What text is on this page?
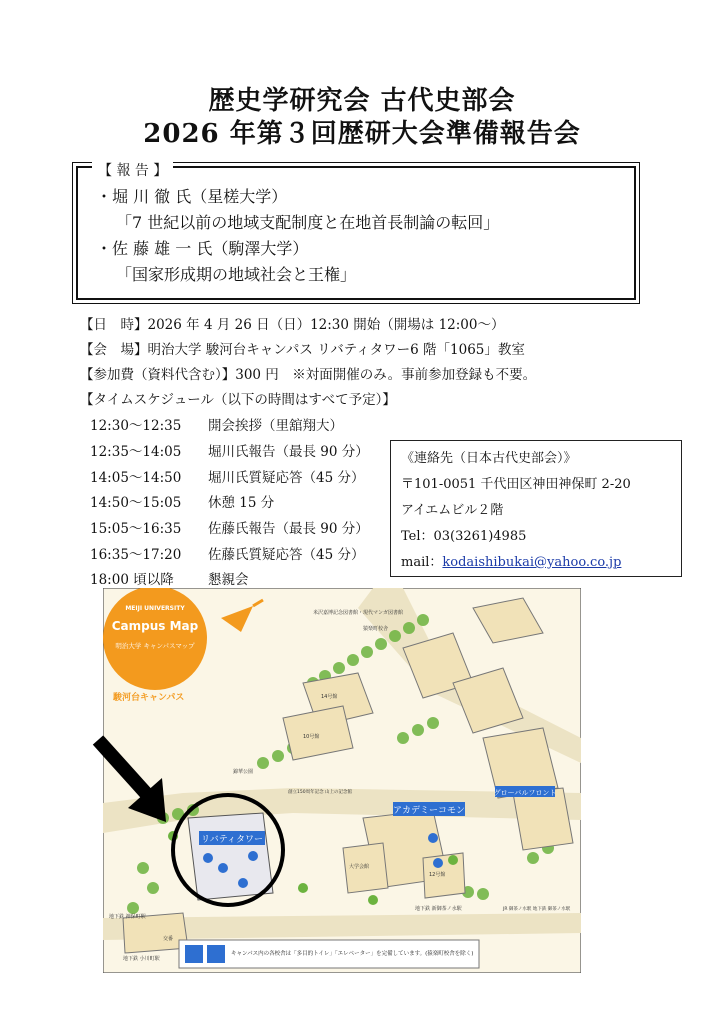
歴史学研究会 古代史部会
2026 年第３回歴研大会準備報告会
【 報 告 】
・堀 川 徹 氏（星槎大学）
「7 世紀以前の地域支配制度と在地首長制論の転回」
・佐 藤 雄 一 氏（駒澤大学）
「国家形成期の地域社会と王権」
【日　時】2026 年 4 月 26 日（日）12:30 開始（開場は 12:00～）
【会　場】明治大学 駿河台キャンパス リバティタワー6 階「1065」教室
【参加費（資料代含む）】300 円　※対面開催のみ。事前参加登録も不要。
【タイムスケジュール（以下の時間はすべて予定）】
12:30～12:35 開会挨拶（里舘翔大）
12:35～14:05 堀川氏報告（最長 90 分）
14:05～14:50 堀川氏質疑応答（45 分）
14:50～15:05 休憩 15 分
15:05～16:35 佐藤氏報告（最長 90 分）
16:35～17:20 佐藤氏質疑応答（45 分）
18:00 頃以降	懇親会
《連絡先（日本古代史部会）》
〒101-0051 千代田区神田神保町 2-20
アイエムビル２階
Tel：03(3261)4985
mail：kodaishibukai@yahoo.co.jp
リバティタワー
アカデミーコモン
グローバルフロント
米沢嘉博記念図書館・現代マンガ図書館
猿楽町校舎
14号館
10号館
12号館
大学会館
錦華公園
創立150周年記念 山上の記念館
地下鉄 神保町駅
地下鉄 新御茶ノ水駅	JR 御茶ノ水駅 地下鉄 御茶ノ水駅
地下鉄 小川町駅
交番
MEIJI UNIVERSITY
Campus Map
明治大学 キャンパスマップ
駿河台キャンパス
キャンパス内の各校舎は「多目的トイレ」「エレベーター」を完備しています。(猿楽町校舎を除く)
